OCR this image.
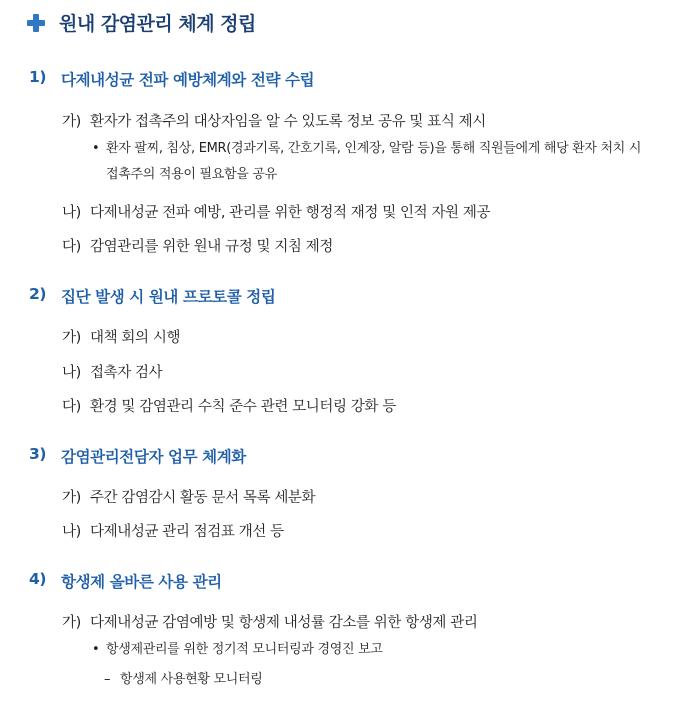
원내 감염관리 체계 정립
1) 다제내성균 전파 예방체계와 전략 수립
가) 환자가 접촉주의 대상자임을 알 수 있도록 정보 공유 및 표식 제시
• 환자 팔찌, 침상, EMR(경과기록, 간호기록, 인계장, 알람 등)을 통해 직원들에게 해당 환자 처치 시
접촉주의 적용이 필요함을 공유
나) 다제내성균 전파 예방, 관리를 위한 행정적 재정 및 인적 자원 제공
다) 감염관리를 위한 원내 규정 및 지침 제정
2) 집단 발생 시 원내 프로토콜 정립
가) 대책 회의 시행
나) 접촉자 검사
다) 환경 및 감염관리 수칙 준수 관련 모니터링 강화 등
3) 감염관리전담자 업무 체계화
가) 주간 감염감시 활동 문서 목록 세분화
나) 다제내성균 관리 점검표 개선 등
4) 항생제 올바른 사용 관리
가) 다제내성균 감염예방 및 항생제 내성률 감소를 위한 항생제 관리
• 항생제관리를 위한 정기적 모니터링과 경영진 보고
– 항생제 사용현황 모니터링
